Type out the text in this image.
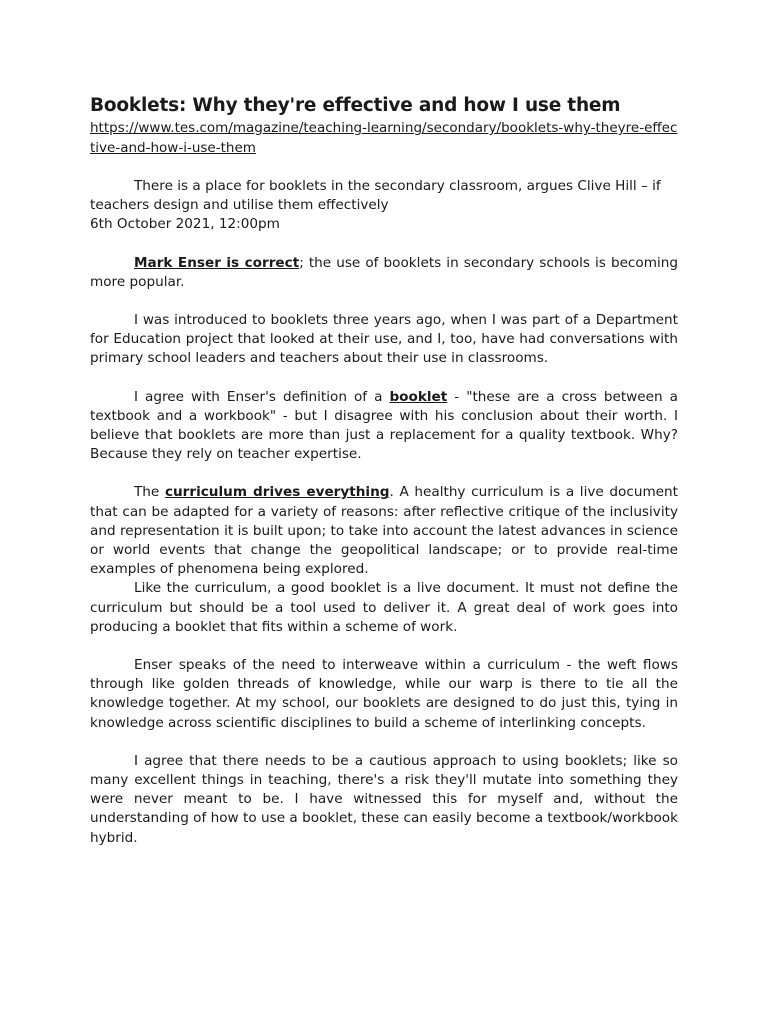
Booklets: Why they're effective and how I use them
https://www.tes.com/magazine/teaching-learning/secondary/booklets-why-theyre-effective-and-how-i-use-them

There is a place for booklets in the secondary classroom, argues Clive Hill – if teachers design and utilise them effectively

6th October 2021, 12:00pm

Mark Enser is correct; the use of booklets in secondary schools is becoming more popular.

I was introduced to booklets three years ago, when I was part of a Department for Education project that looked at their use, and I, too, have had conversations with primary school leaders and teachers about their use in classrooms.

I agree with Enser's definition of a booklet - "these are a cross between a textbook and a workbook" - but I disagree with his conclusion about their worth. I believe that booklets are more than just a replacement for a quality textbook. Why? Because they rely on teacher expertise.

The curriculum drives everything. A healthy curriculum is a live document that can be adapted for a variety of reasons: after reflective critique of the inclusivity and representation it is built upon; to take into account the latest advances in science or world events that change the geopolitical landscape; or to provide real-time examples of phenomena being explored.

Like the curriculum, a good booklet is a live document. It must not define the curriculum but should be a tool used to deliver it. A great deal of work goes into producing a booklet that fits within a scheme of work.

Enser speaks of the need to interweave within a curriculum - the weft flows through like golden threads of knowledge, while our warp is there to tie all the knowledge together. At my school, our booklets are designed to do just this, tying in knowledge across scientific disciplines to build a scheme of interlinking concepts.

I agree that there needs to be a cautious approach to using booklets; like so many excellent things in teaching, there's a risk they'll mutate into something they were never meant to be. I have witnessed this for myself and, without the understanding of how to use a booklet, these can easily become a textbook/workbook hybrid.
